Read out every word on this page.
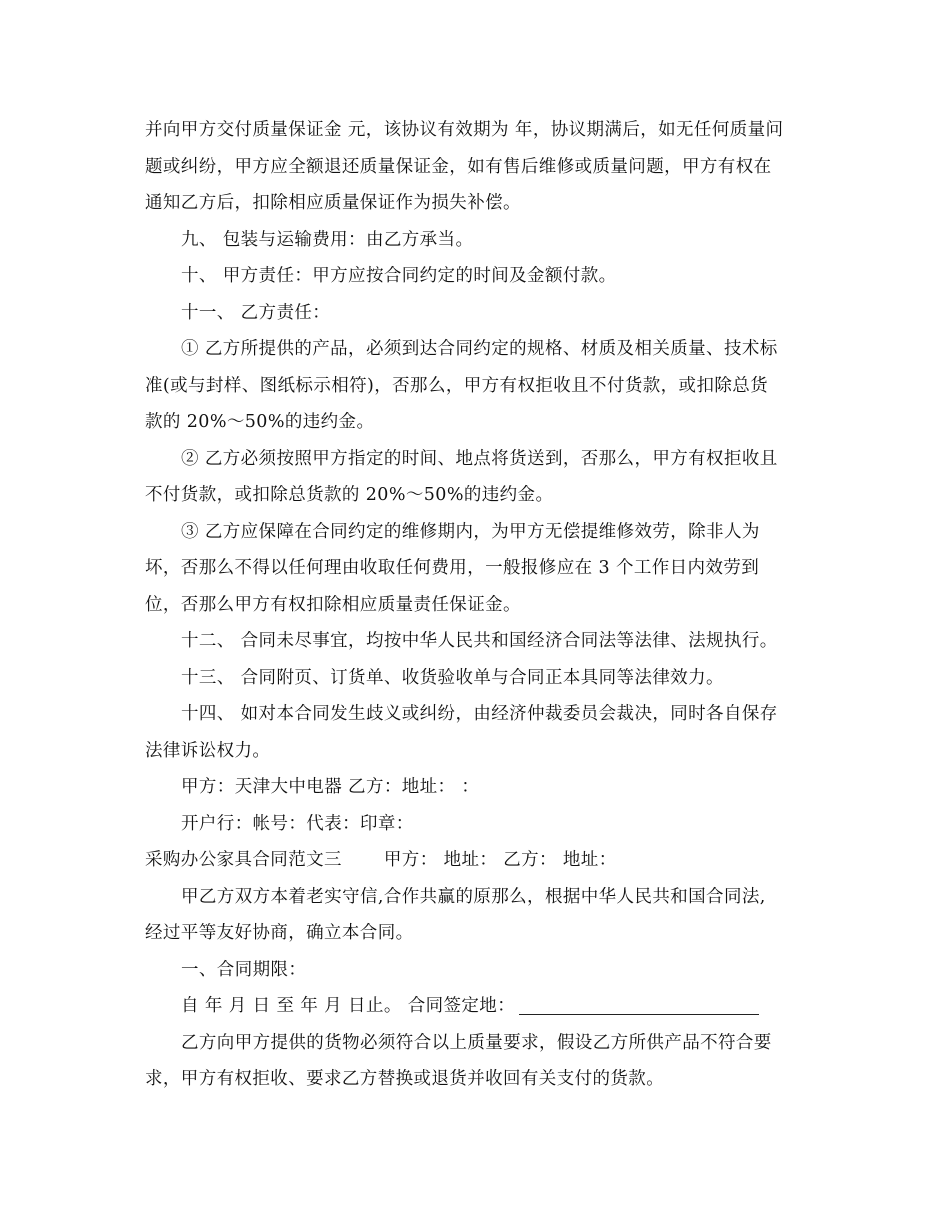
并向甲方交付质量保证金 元，该协议有效期为 年，协议期满后，如无任何质量问
题或纠纷，甲方应全额退还质量保证金，如有售后维修或质量问题，甲方有权在
通知乙方后，扣除相应质量保证作为损失补偿。
九、 包装与运输费用：由乙方承当。
十、 甲方责任：甲方应按合同约定的时间及金额付款。
十一、 乙方责任：
① 乙方所提供的产品，必须到达合同约定的规格、材质及相关质量、技术标
准(或与封样、图纸标示相符)，否那么，甲方有权拒收且不付货款，或扣除总货
款的 20%～50%的违约金。
② 乙方必须按照甲方指定的时间、地点将货送到，否那么，甲方有权拒收且
不付货款，或扣除总货款的 20%～50%的违约金。
③ 乙方应保障在合同约定的维修期内，为甲方无偿提维修效劳，除非人为
坏，否那么不得以任何理由收取任何费用，一般报修应在 3 个工作日内效劳到
位，否那么甲方有权扣除相应质量责任保证金。
十二、 合同未尽事宜，均按中华人民共和国经济合同法等法律、法规执行。
十三、 合同附页、订货单、收货验收单与合同正本具同等法律效力。
十四、 如对本合同发生歧义或纠纷，由经济仲裁委员会裁决，同时各自保存
法律诉讼权力。
甲方：天津大中电器 乙方：地址： ：
开户行：帐号：代表：印章：
采购办公家具合同范文三 甲方： 地址： 乙方： 地址：
甲乙方双方本着老实守信,合作共赢的原那么，根据中华人民共和国合同法,
经过平等友好协商，确立本合同。
一、合同期限：
自 年 月 日 至 年 月 日止。 合同签定地：
乙方向甲方提供的货物必须符合以上质量要求，假设乙方所供产品不符合要
求，甲方有权拒收、要求乙方替换或退货并收回有关支付的货款。
